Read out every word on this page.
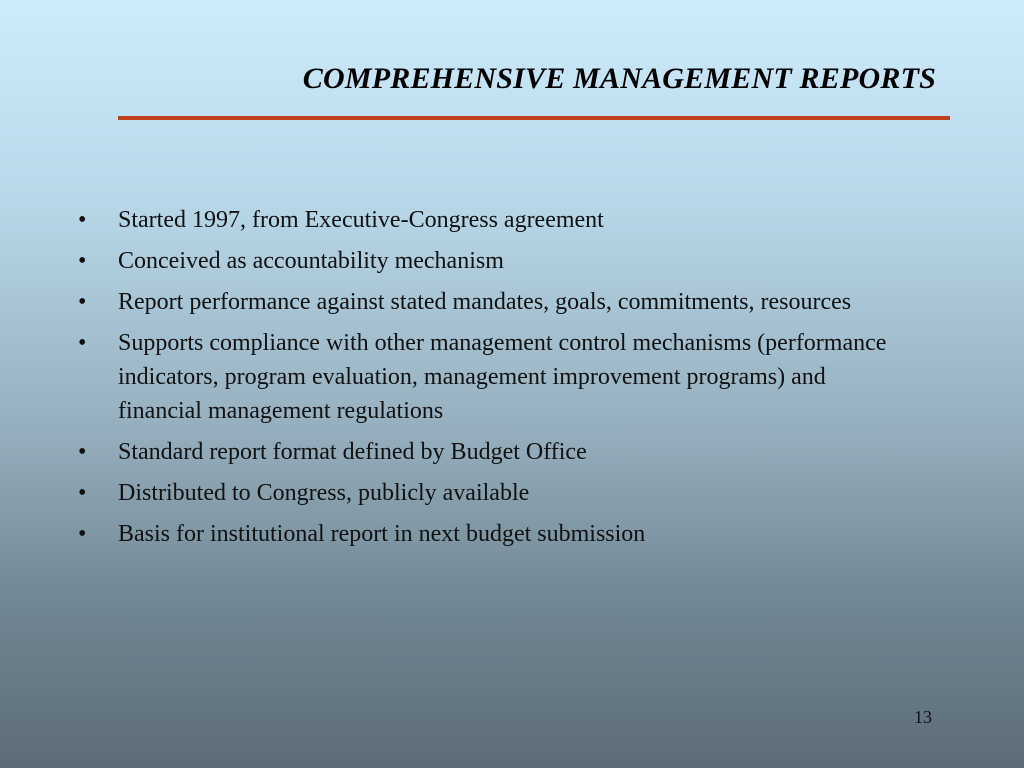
COMPREHENSIVE MANAGEMENT REPORTS
•	Started 1997, from Executive-Congress agreement
•	Conceived as accountability mechanism
•	Report performance against stated mandates, goals, commitments, resources
•	Supports compliance with other management control mechanisms (performance indicators, program evaluation, management improvement programs) and financial management regulations
•	Standard report format defined by Budget Office
•	Distributed to Congress, publicly available
•	Basis for institutional report in next budget submission
13
